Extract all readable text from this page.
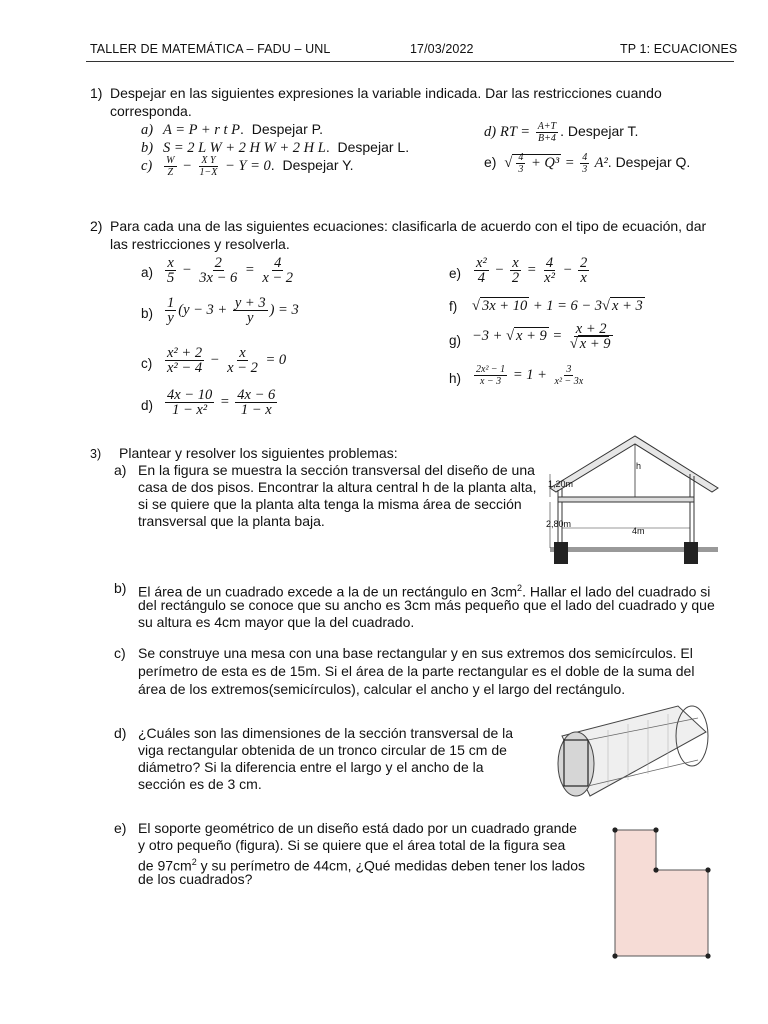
TALLER DE MATEMÁTICA – FADU – UNL	17/03/2022	TP 1: ECUACIONES
1) Despejar en las siguientes expresiones la variable indicada. Dar las restricciones cuando
corresponda.
a) A = P + r t P.  Despejar P.
b) S = 2 L W + 2 H W + 2 H L.  Despejar L.
$c) \frac{W}{Z} - \frac{\text{X Y}}{1-X} - Y = 0$.  Despejar Y.
d) RT = $\frac{A+T}{B+4}$ . Despejar T.
e) √ $\frac{4}{3} + Q^3 = \frac{4}{3} A^2$. Despejar Q.
2) Para cada una de las siguientes ecuaciones: clasificarla de acuerdo con el tipo de ecuación, dar
las restricciones y resolverla.
$a) \frac{x}{5} - \frac{2}{3x - 6} = \frac{4}{x - 2}$
$b) \frac{1}{y} (y - 3 + \frac{y + 3}{y}$ ) = 3
$c) \frac{\text{x² + 2}}{\text{x² − 4}} - \frac{x}{x - 2} = 0$
$d) \frac{4x - 10}{\text{1 − x²}} = \frac{4x - 6}{1 - x}$
$e) \frac{\text{x²}}{4} - \frac{x}{2} = \frac{4}{\text{x²}} - \frac{2}{x}$
f) √ 3x + 10 + 1 = 6 − 3√ x + 3
g) −3 + √ $x + 9 = \frac{x + 2}{√ x + 9}$
$h) \frac{\text{2x² − 1}}{x - 3} = 1 + \frac{3}{\text{x² − 3x}}$
3) Plantear y resolver los siguientes problemas:
a) En la figura se muestra la sección transversal del diseño de una
casa de dos pisos. Encontrar la altura central h de la planta alta,
si se quiere que la planta alta tenga la misma área de sección
transversal que la planta baja.
h
1,20m
2,80m
4m
b) El área de un cuadrado excede a la de un rectángulo en $3cm^2$. Hallar el lado del cuadrado si
del rectángulo se conoce que su ancho es 3cm más pequeño que el lado del cuadrado y que
su altura es 4cm mayor que la del cuadrado.
c) Se construye una mesa con una base rectangular y en sus extremos dos semicírculos. El
perímetro de esta es de 15m. Si el área de la parte rectangular es el doble de la suma del
área de los extremos(semicírculos), calcular el ancho y el largo del rectángulo.
d) ¿Cuáles son las dimensiones de la sección transversal de la
viga rectangular obtenida de un tronco circular de 15 cm de
diámetro? Si la diferencia entre el largo y el ancho de la
sección es de 3 cm.
e) El soporte geométrico de un diseño está dado por un cuadrado grande
y otro pequeño (figura). Si se quiere que el área total de la figura sea
de $97cm^2$ y su perímetro de 44cm, ¿Qué medidas deben tener los lados
de los cuadrados?
